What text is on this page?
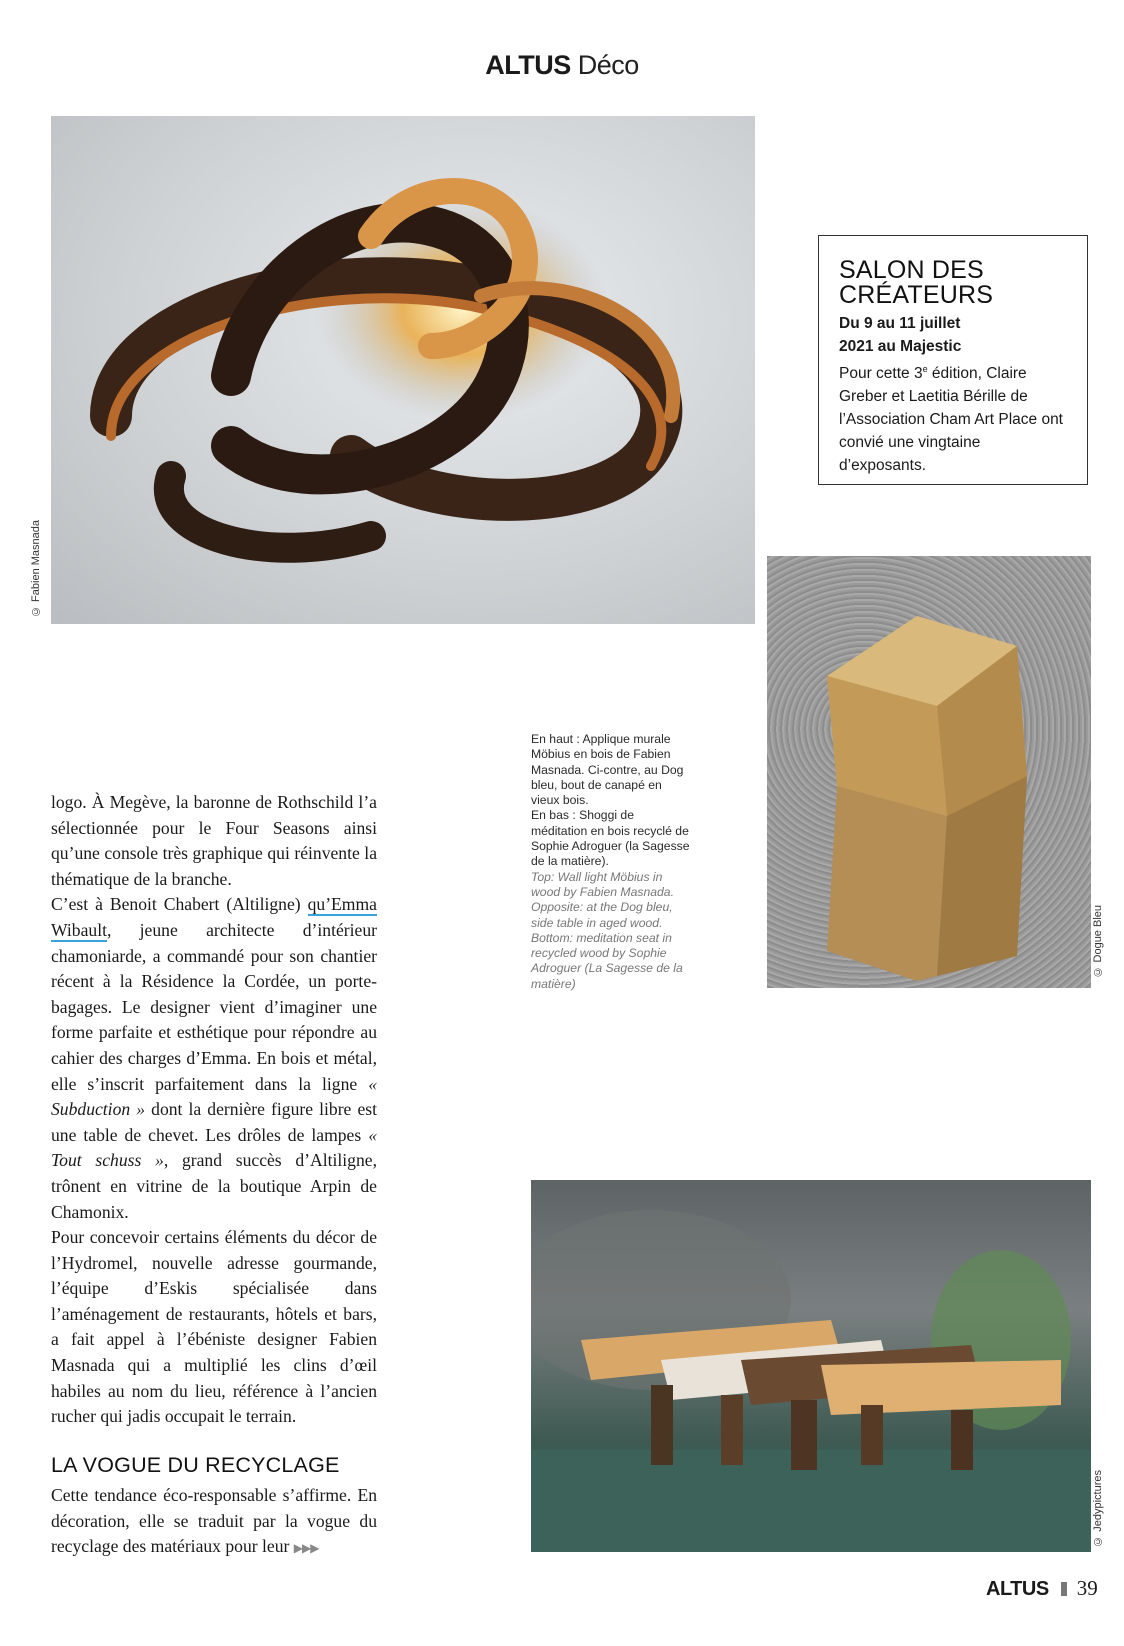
ALTUS Déco
© Fabien Masnada
SALON DES
CRÉATEURS
Du 9 au 11 juillet
2021 au Majestic
Pour cette 3e édition, Claire Greber et Laetitia Bérille de l’Association Cham Art Place ont convié une vingtaine d’exposants.
© Dogue Bleu
En haut : Applique murale Möbius en bois de Fabien Masnada. Ci-contre, au Dog bleu, bout de canapé en vieux bois.
En bas : Shoggi de méditation en bois recyclé de Sophie Adroguer (la Sagesse de la matière).
Top: Wall light Möbius in wood by Fabien Masnada. Opposite: at the Dog bleu, side table in aged wood. Bottom: meditation seat in recycled wood by Sophie Adroguer (La Sagesse de la matière)
logo. À Megève, la baronne de Rothschild l’a sélectionnée pour le Four Seasons ainsi qu’une console très graphique qui réinvente la thématique de la branche.
C’est à Benoit Chabert (Altiligne) qu’Emma Wibault, jeune architecte d’intérieur chamoniarde, a commandé pour son chantier récent à la Résidence la Cordée, un porte-bagages. Le designer vient d’imaginer une forme parfaite et esthétique pour répondre au cahier des charges d’Emma. En bois et métal, elle s’inscrit parfaitement dans la ligne « Subduction » dont la dernière figure libre est une table de chevet. Les drôles de lampes « Tout schuss », grand succès d’Altiligne, trônent en vitrine de la boutique Arpin de Chamonix.
Pour concevoir certains éléments du décor de l’Hydromel, nouvelle adresse gourmande, l’équipe d’Eskis spécialisée dans l’aménagement de restaurants, hôtels et bars, a fait appel à l’ébéniste designer Fabien Masnada qui a multiplié les clins d’œil habiles au nom du lieu, référence à l’ancien rucher qui jadis occupait le terrain.
LA VOGUE DU RECYCLAGE
Cette tendance éco-responsable s’affirme. En décoration, elle se traduit par la vogue du recyclage des matériaux pour leur ▶▶▶
© Jedypictures
ALTUS 39
